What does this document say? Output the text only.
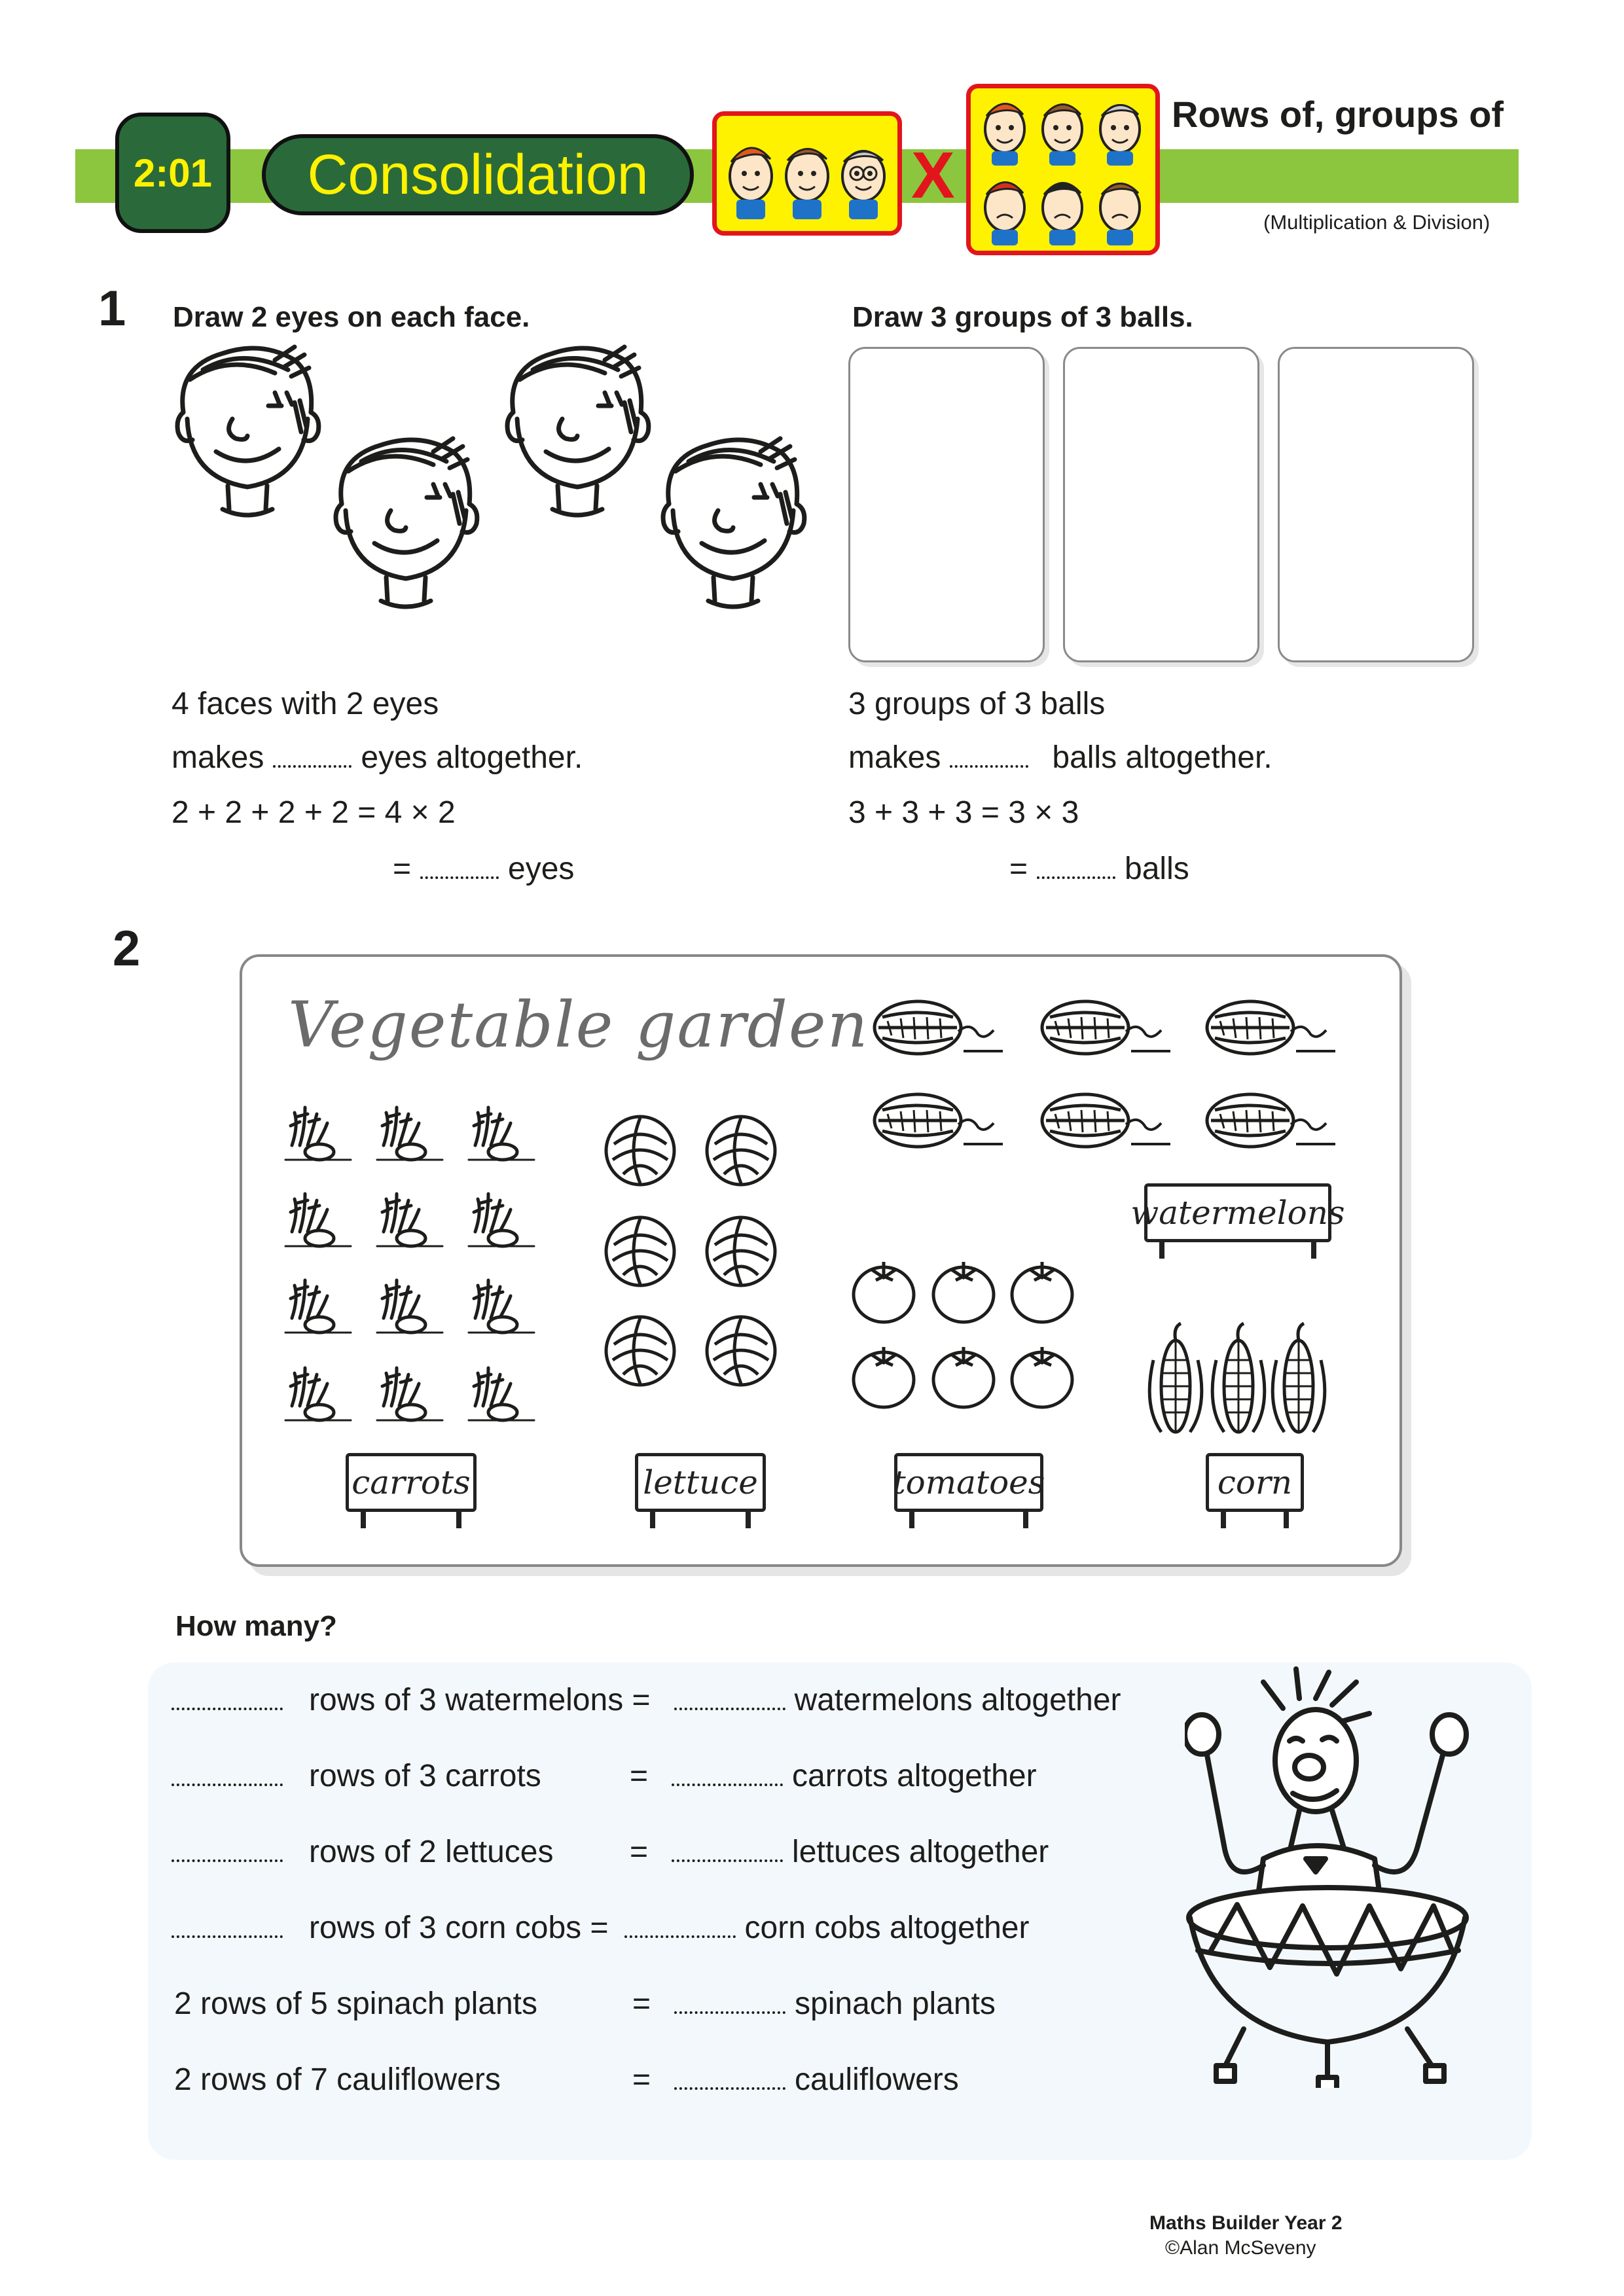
2:01	Consolidation	X
Rows of, groups of
(Multiplication & Division)
1 Draw 2 eyes on each face.	Draw 3 groups of 3 balls.
4 faces with 2 eyes
makes	eyes altogether.
2 + 2 + 2 + 2 = 4 × 2
=	eyes
3 groups of 3 balls
makes	balls altogether.
3 + 3 + 3 = 3 × 3
=	balls
2
Vegetable garden
carrots	lettuce	tomatoes	corn
watermelons
How many?
rows of 3 watermelons =	watermelons altogether
rows of 3 carrots	=	carrots altogether
rows of 2 lettuces =	lettuces altogether
rows of 3 corn cobs =	corn cobs altogether
2 rows of 5 spinach plants	=	spinach plants
2 rows of 7 cauliflowers	=	cauliflowers
Maths Builder Year 2
©Alan McSeveny
